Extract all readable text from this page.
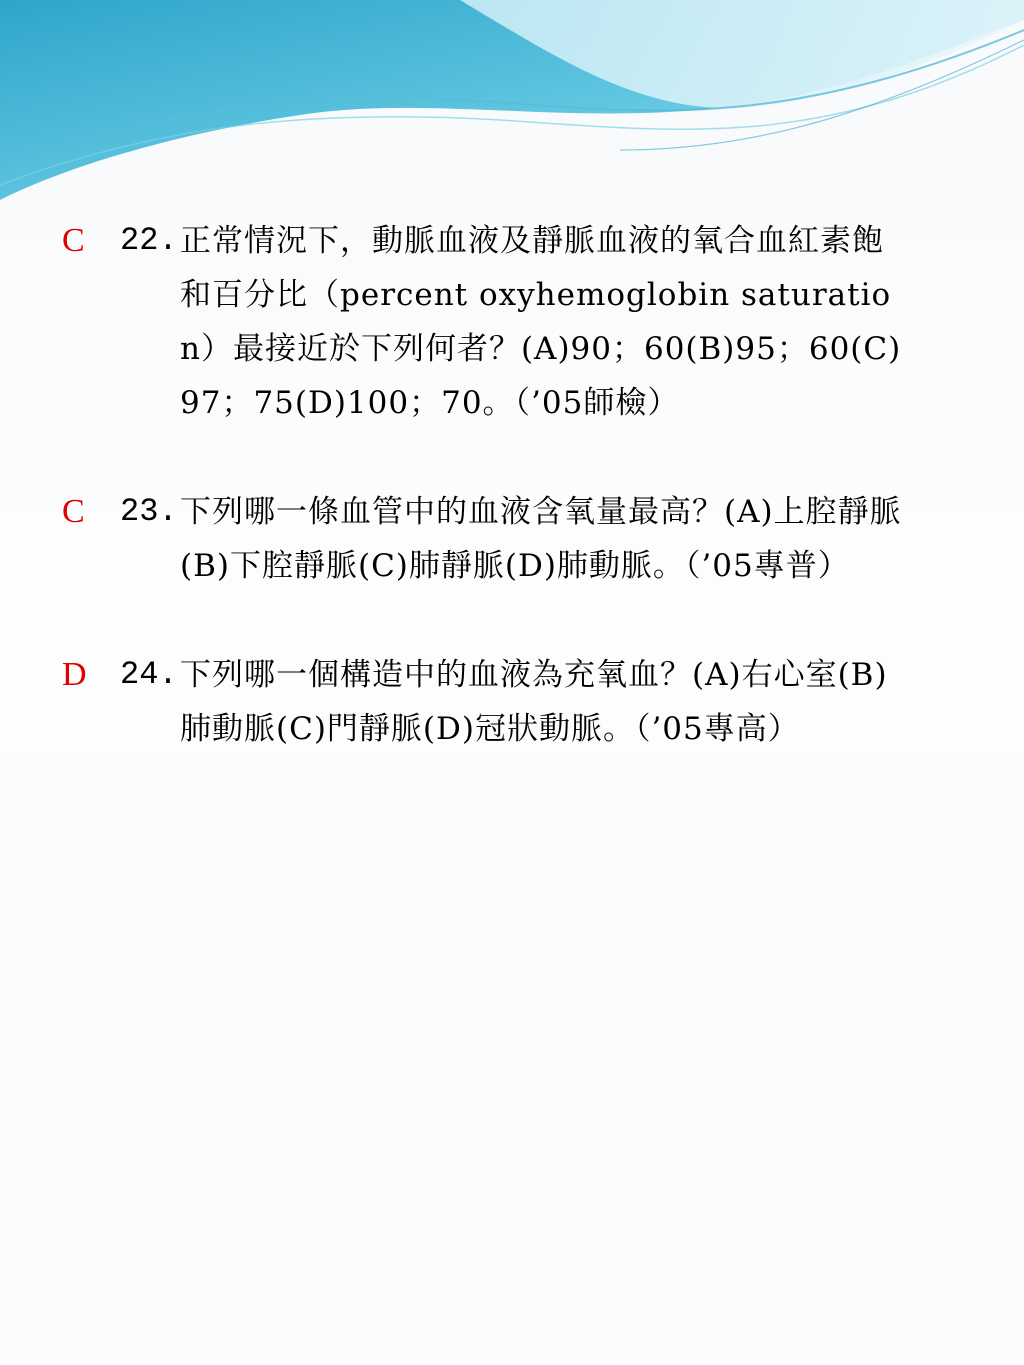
C	22. 正常情況下，動脈血液及靜脈血液的氧合血紅素飽和百分比（percent oxyhemoglobin saturation）最接近於下列何者？(A)90；60(B)95；60(C)97；75(D)100；70。（’05師檢）
C	23. 下列哪一條血管中的血液含氧量最高？(A)上腔靜脈(B)下腔靜脈(C)肺靜脈(D)肺動脈。（’05專普）
D	24. 下列哪一個構造中的血液為充氧血？(A)右心室(B)肺動脈(C)門靜脈(D)冠狀動脈。（’05專高）
